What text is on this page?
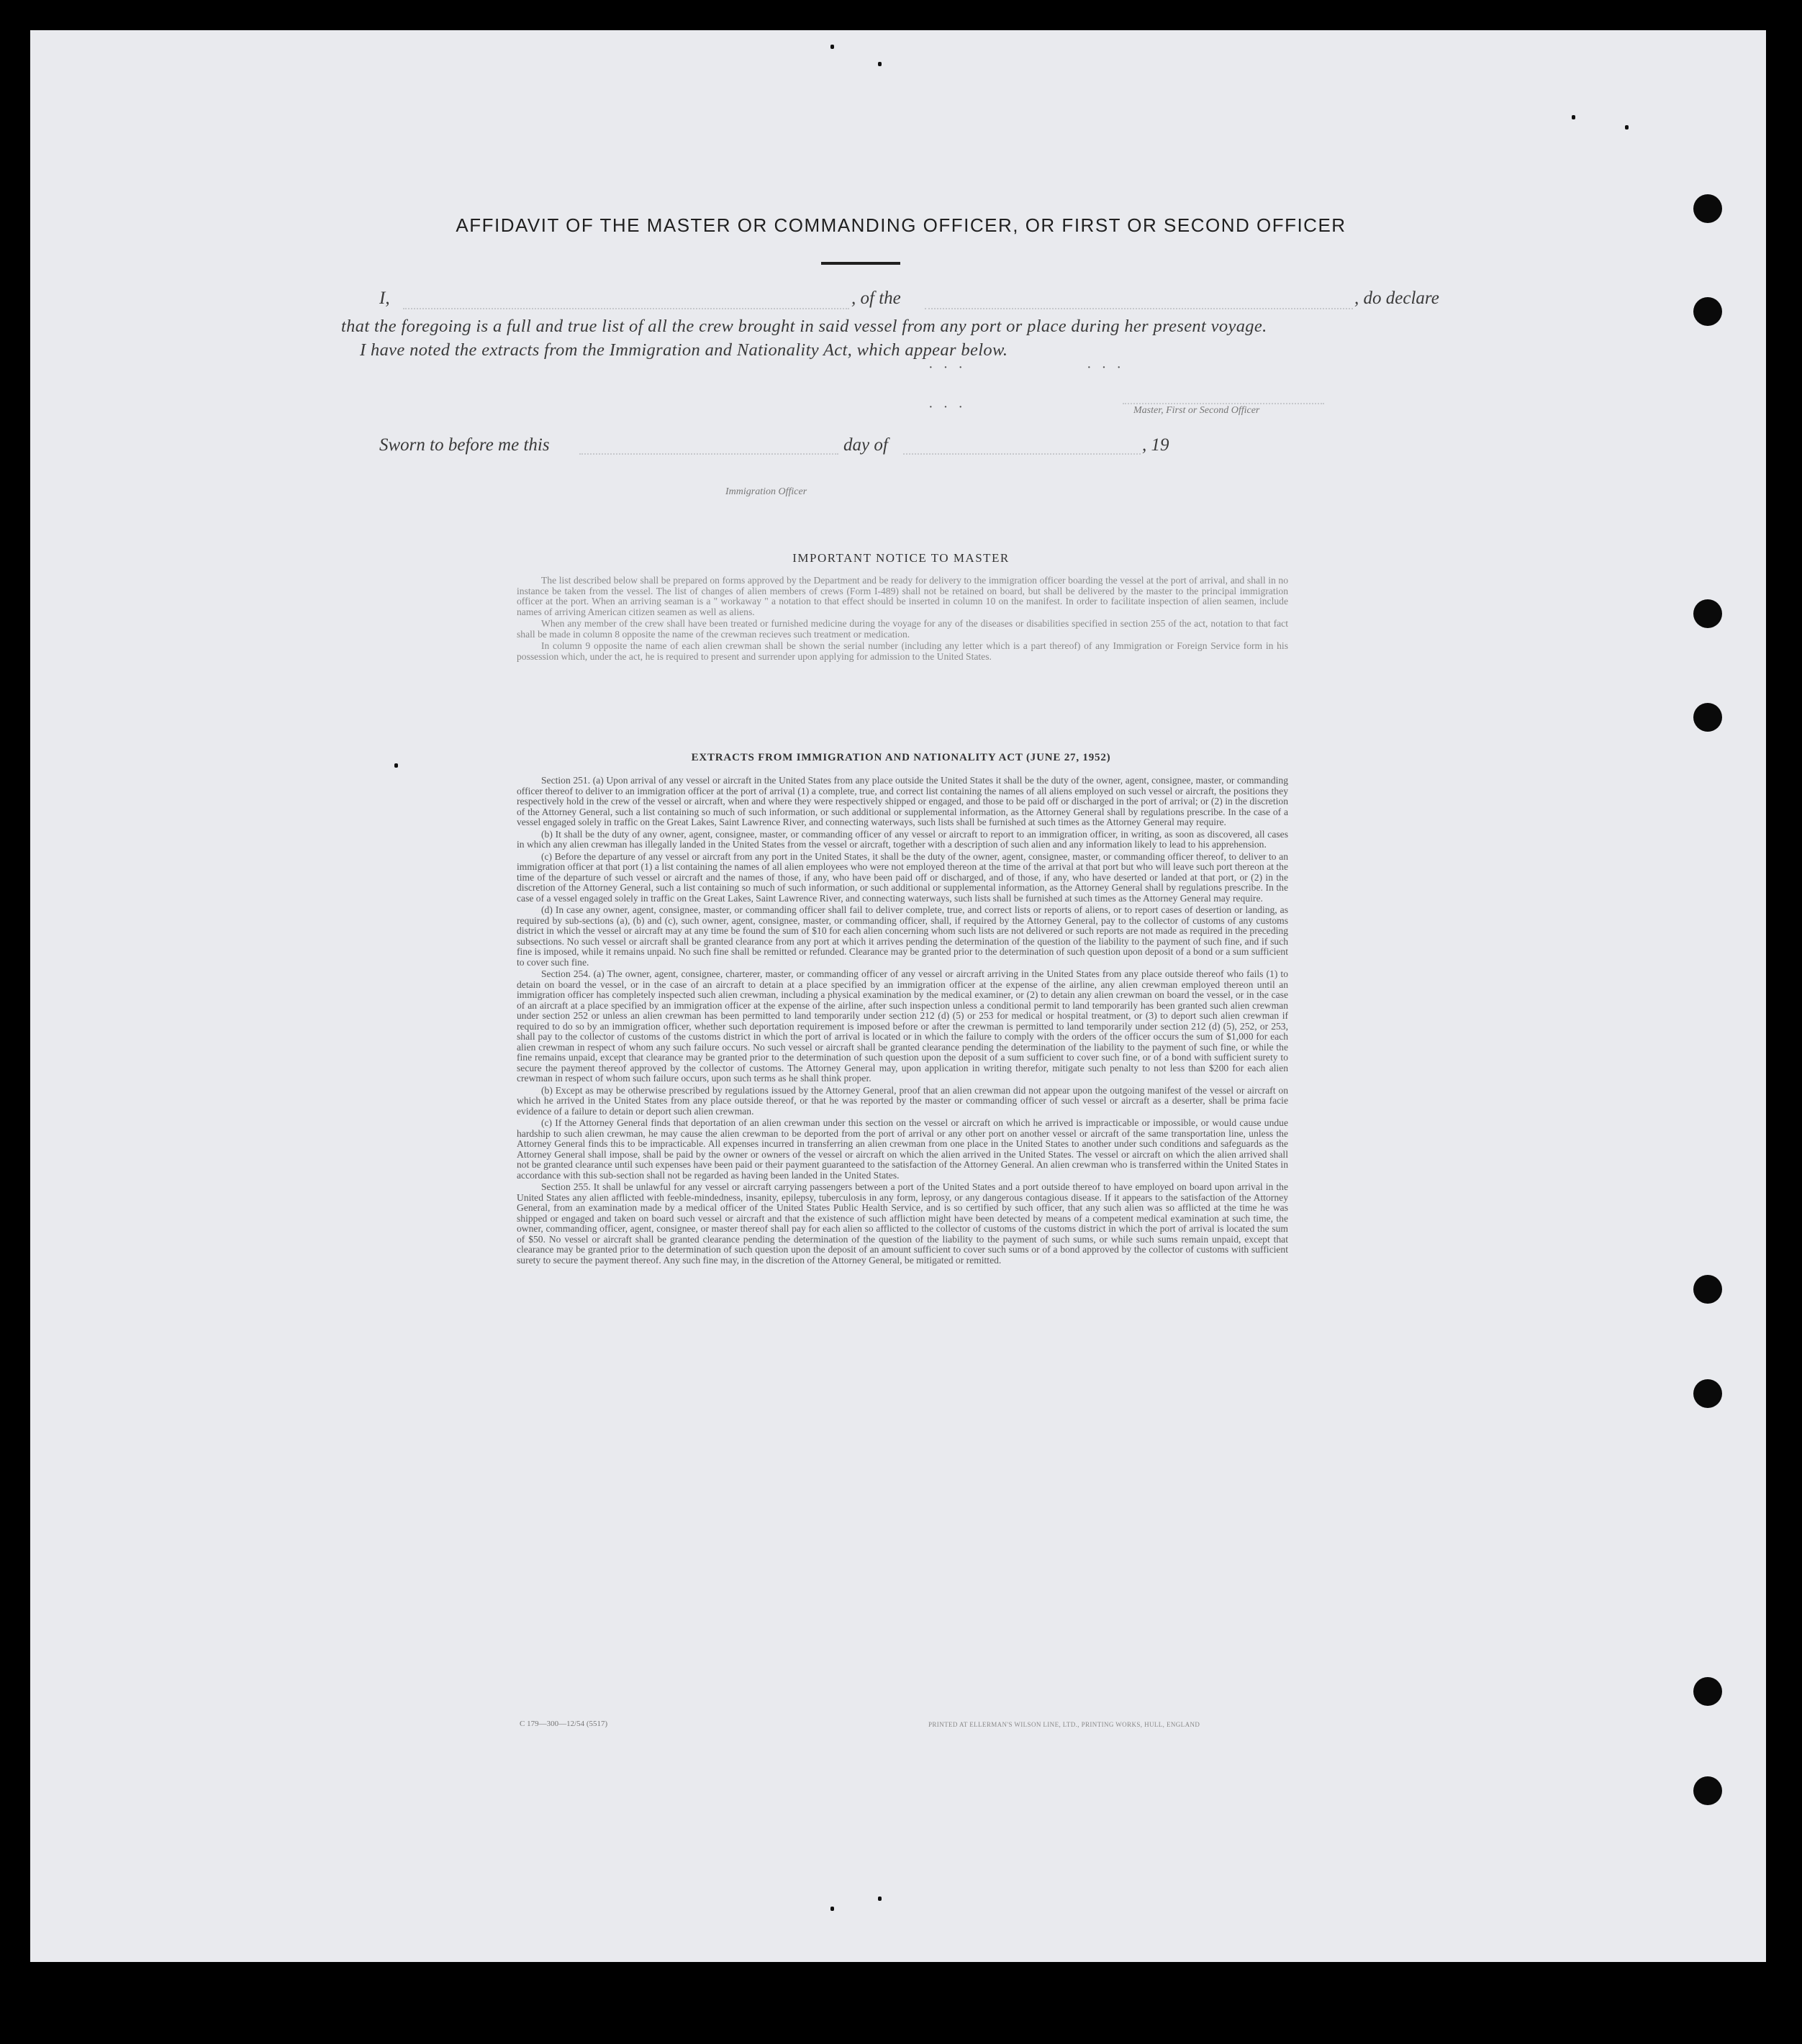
AFFIDAVIT OF THE MASTER OR COMMANDING OFFICER, OR FIRST OR SECOND OFFICER
I,	, of the	, do declare
that the foregoing is a full and true list of all the crew brought in said vessel from any port or place during her present voyage.
I have noted the extracts from the Immigration and Nationality Act, which appear below.
···	···
···	Master, First or Second Officer
Sworn to before me this	day of	, 19
Immigration Officer
IMPORTANT NOTICE TO MASTER

The list described below shall be prepared on forms approved by the Department and be ready for delivery to the immigration officer boarding the vessel at the port of arrival, and shall in no instance be taken from the vessel. The list of changes of alien members of crews (Form I-489) shall not be retained on board, but shall be delivered by the master to the principal immigration officer at the port. When an arriving seaman is a " workaway " a notation to that effect should be inserted in column 10 on the manifest. In order to facilitate inspection of alien seamen, include names of arriving American citizen seamen as well as aliens.

When any member of the crew shall have been treated or furnished medicine during the voyage for any of the diseases or disabilities specified in section 255 of the act, notation to that fact shall be made in column 8 opposite the name of the crewman recieves such treatment or medication.

In column 9 opposite the name of each alien crewman shall be shown the serial number (including any letter which is a part thereof) of any Immigration or Foreign Service form in his possession which, under the act, he is required to present and surrender upon applying for admission to the United States.

EXTRACTS FROM IMMIGRATION AND NATIONALITY ACT (JUNE 27, 1952)

Section 251. (a) Upon arrival of any vessel or aircraft in the United States from any place outside the United States it shall be the duty of the owner, agent, consignee, master, or commanding officer thereof to deliver to an immigration officer at the port of arrival (1) a complete, true, and correct list containing the names of all aliens employed on such vessel or aircraft, the positions they respectively hold in the crew of the vessel or aircraft, when and where they were respectively shipped or engaged, and those to be paid off or discharged in the port of arrival; or (2) in the discretion of the Attorney General, such a list containing so much of such information, or such additional or supplemental information, as the Attorney General shall by regulations prescribe. In the case of a vessel engaged solely in traffic on the Great Lakes, Saint Lawrence River, and connecting waterways, such lists shall be furnished at such times as the Attorney General may require.

(b) It shall be the duty of any owner, agent, consignee, master, or commanding officer of any vessel or aircraft to report to an immigration officer, in writing, as soon as discovered, all cases in which any alien crewman has illegally landed in the United States from the vessel or aircraft, together with a description of such alien and any information likely to lead to his apprehension.

(c) Before the departure of any vessel or aircraft from any port in the United States, it shall be the duty of the owner, agent, consignee, master, or commanding officer thereof, to deliver to an immigration officer at that port (1) a list containing the names of all alien employees who were not employed thereon at the time of the arrival at that port but who will leave such port thereon at the time of the departure of such vessel or aircraft and the names of those, if any, who have been paid off or discharged, and of those, if any, who have deserted or landed at that port, or (2) in the discretion of the Attorney General, such a list containing so much of such information, or such additional or supplemental information, as the Attorney General shall by regulations prescribe. In the case of a vessel engaged solely in traffic on the Great Lakes, Saint Lawrence River, and connecting waterways, such lists shall be furnished at such times as the Attorney General may require.

(d) In case any owner, agent, consignee, master, or commanding officer shall fail to deliver complete, true, and correct lists or reports of aliens, or to report cases of desertion or landing, as required by sub-sections (a), (b) and (c), such owner, agent, consignee, master, or commanding officer, shall, if required by the Attorney General, pay to the collector of customs of any customs district in which the vessel or aircraft may at any time be found the sum of $10 for each alien concerning whom such lists are not delivered or such reports are not made as required in the preceding subsections. No such vessel or aircraft shall be granted clearance from any port at which it arrives pending the determination of the question of the liability to the payment of such fine, and if such fine is imposed, while it remains unpaid. No such fine shall be remitted or refunded. Clearance may be granted prior to the determination of such question upon deposit of a bond or a sum sufficient to cover such fine.

Section 254. (a) The owner, agent, consignee, charterer, master, or commanding officer of any vessel or aircraft arriving in the United States from any place outside thereof who fails (1) to detain on board the vessel, or in the case of an aircraft to detain at a place specified by an immigration officer at the expense of the airline, any alien crewman employed thereon until an immigration officer has completely inspected such alien crewman, including a physical examination by the medical examiner, or (2) to detain any alien crewman on board the vessel, or in the case of an aircraft at a place specified by an immigration officer at the expense of the airline, after such inspection unless a conditional permit to land temporarily has been granted such alien crewman under section 252 or unless an alien crewman has been permitted to land temporarily under section 212 (d) (5) or 253 for medical or hospital treatment, or (3) to deport such alien crewman if required to do so by an immigration officer, whether such deportation requirement is imposed before or after the crewman is permitted to land temporarily under section 212 (d) (5), 252, or 253, shall pay to the collector of customs of the customs district in which the port of arrival is located or in which the failure to comply with the orders of the officer occurs the sum of $1,000 for each alien crewman in respect of whom any such failure occurs. No such vessel or aircraft shall be granted clearance pending the determination of the liability to the payment of such fine, or while the fine remains unpaid, except that clearance may be granted prior to the determination of such question upon the deposit of a sum sufficient to cover such fine, or of a bond with sufficient surety to secure the payment thereof approved by the collector of customs. The Attorney General may, upon application in writing therefor, mitigate such penalty to not less than $200 for each alien crewman in respect of whom such failure occurs, upon such terms as he shall think proper.

(b) Except as may be otherwise prescribed by regulations issued by the Attorney General, proof that an alien crewman did not appear upon the outgoing manifest of the vessel or aircraft on which he arrived in the United States from any place outside thereof, or that he was reported by the master or commanding officer of such vessel or aircraft as a deserter, shall be prima facie evidence of a failure to detain or deport such alien crewman.

(c) If the Attorney General finds that deportation of an alien crewman under this section on the vessel or aircraft on which he arrived is impracticable or impossible, or would cause undue hardship to such alien crewman, he may cause the alien crewman to be deported from the port of arrival or any other port on another vessel or aircraft of the same transportation line, unless the Attorney General finds this to be impracticable. All expenses incurred in transferring an alien crewman from one place in the United States to another under such conditions and safeguards as the Attorney General shall impose, shall be paid by the owner or owners of the vessel or aircraft on which the alien arrived in the United States. The vessel or aircraft on which the alien arrived shall not be granted clearance until such expenses have been paid or their payment guaranteed to the satisfaction of the Attorney General. An alien crewman who is transferred within the United States in accordance with this sub-section shall not be regarded as having been landed in the United States.

Section 255. It shall be unlawful for any vessel or aircraft carrying passengers between a port of the United States and a port outside thereof to have employed on board upon arrival in the United States any alien afflicted with feeble-mindedness, insanity, epilepsy, tuberculosis in any form, leprosy, or any dangerous contagious disease. If it appears to the satisfaction of the Attorney General, from an examination made by a medical officer of the United States Public Health Service, and is so certified by such officer, that any such alien was so afflicted at the time he was shipped or engaged and taken on board such vessel or aircraft and that the existence of such affliction might have been detected by means of a competent medical examination at such time, the owner, commanding officer, agent, consignee, or master thereof shall pay for each alien so afflicted to the collector of customs of the customs district in which the port of arrival is located the sum of $50. No vessel or aircraft shall be granted clearance pending the determination of the question of the liability to the payment of such sums, or while such sums remain unpaid, except that clearance may be granted prior to the determination of such question upon the deposit of an amount sufficient to cover such sums or of a bond approved by the collector of customs with sufficient surety to secure the payment thereof. Any such fine may, in the discretion of the Attorney General, be mitigated or remitted.

C 179—300—12/54 (5517)	PRINTED AT ELLERMAN'S WILSON LINE, LTD., PRINTING WORKS, HULL, ENGLAND
